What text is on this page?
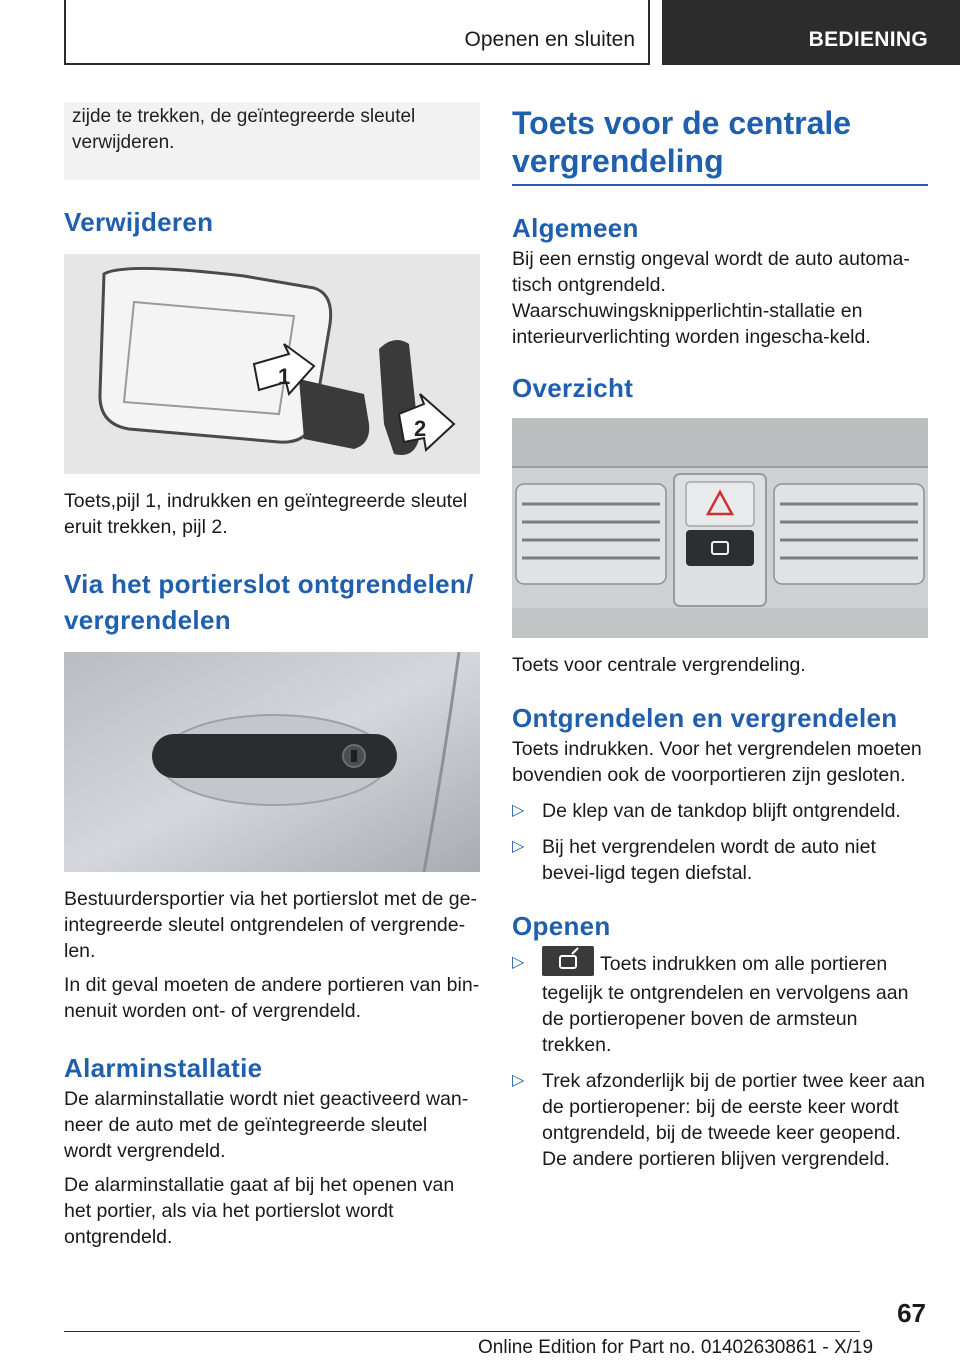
Openen en sluiten	BEDIENING

zijde te trekken, de geïntegreerde sleutel verwijderen.

Verwijderen
1
2

Toets,pijl 1, indrukken en geïntegreerde sleutel eruit trekken, pijl 2.

Via het portierslot ontgrendelen/ vergrendelen

Bestuurdersportier via het portierslot met de ge-integreerde sleutel ontgrendelen of vergrende-len.

In dit geval moeten de andere portieren van bin-nenuit worden ont- of vergrendeld.

Alarminstallatie

De alarminstallatie wordt niet geactiveerd wan-neer de auto met de geïntegreerde sleutel wordt vergrendeld.

De alarminstallatie gaat af bij het openen van het portier, als via het portierslot wordt ontgrendeld.

Toets voor de centrale vergrendeling
Algemeen

Bij een ernstig ongeval wordt de auto automa-tisch ontgrendeld. Waarschuwingsknipperlichtin-stallatie en interieurverlichting worden ingescha-keld.

Overzicht

Toets voor centrale vergrendeling.

Ontgrendelen en vergrendelen

Toets indrukken. Voor het vergrendelen moeten bovendien ook de voorportieren zijn gesloten.

▷ De klep van de tankdop blijft ontgrendeld.
▷ Bij het vergrendelen wordt de auto niet bevei-ligd tegen diefstal.
Openen
▷	Toets indrukken om alle portieren tegelijk te ontgrendelen en vervolgens aan de portieropener boven de armsteun trekken.
▷ Trek afzonderlijk bij de portier twee keer aan de portieropener: bij de eerste keer wordt ontgrendeld, bij de tweede keer geopend. De andere portieren blijven vergrendeld.
67
Online Edition for Part no. 01402630861 - X/19
